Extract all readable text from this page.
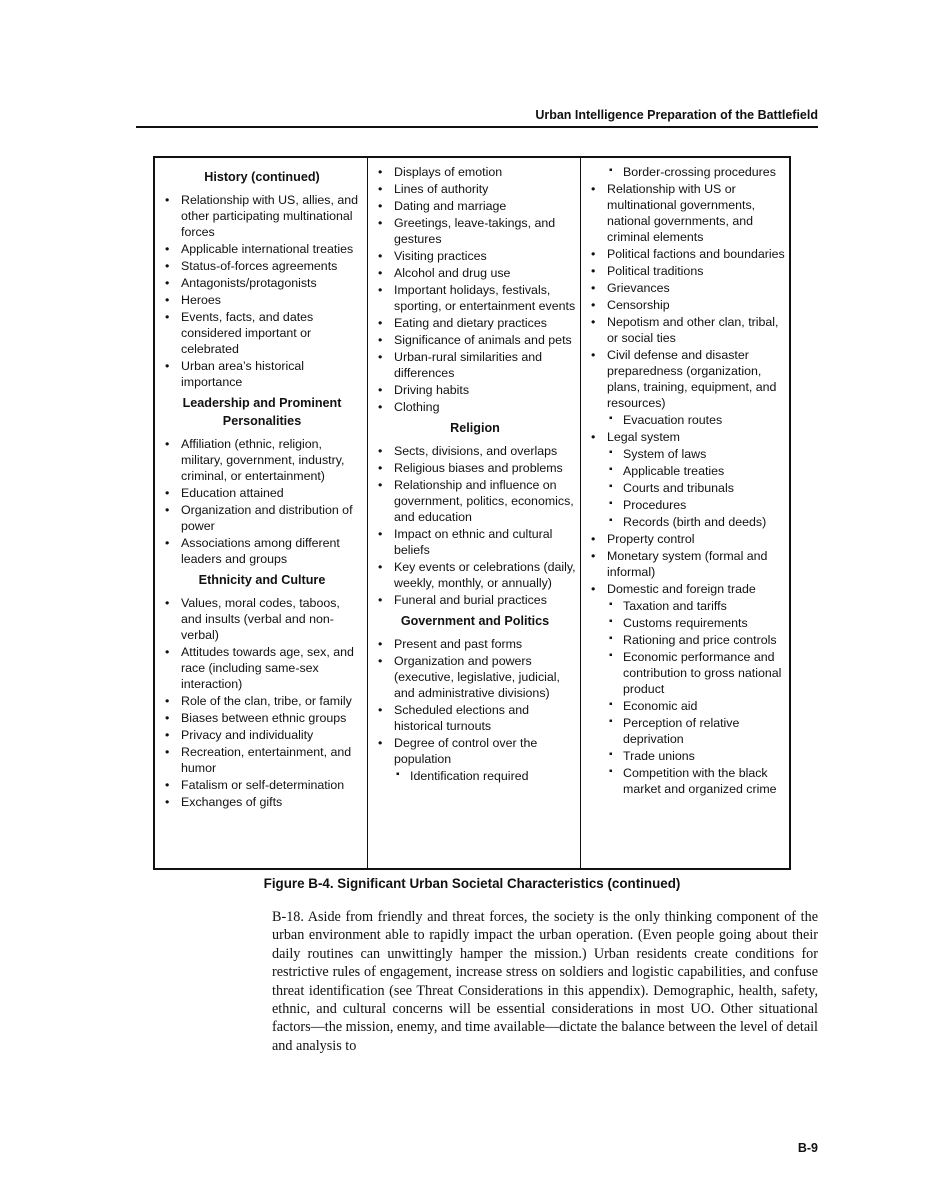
Urban Intelligence Preparation of the Battlefield
History (continued)
• Relationship with US, allies, and other participating multinational forces
• Applicable international treaties
• Status-of-forces agreements
• Antagonists/protagonists
• Heroes
• Events, facts, and dates considered important or celebrated
• Urban area’s historical importance
Leadership and Prominent Personalities
• Affiliation (ethnic, religion, military, government, industry, criminal, or entertainment)
• Education attained
• Organization and distribution of power
• Associations among different leaders and groups
Ethnicity and Culture
• Values, moral codes, taboos, and insults (verbal and non-verbal)
• Attitudes towards age, sex, and race (including same-sex interaction)
• Role of the clan, tribe, or family
• Biases between ethnic groups
• Privacy and individuality
• Recreation, entertainment, and humor
• Fatalism or self-determination
• Exchanges of gifts
• Displays of emotion
• Lines of authority
• Dating and marriage
• Greetings, leave-takings, and gestures
• Visiting practices
• Alcohol and drug use
• Important holidays, festivals, sporting, or entertainment events
• Eating and dietary practices
• Significance of animals and pets
• Urban-rural similarities and differences
• Driving habits
• Clothing
Religion
• Sects, divisions, and overlaps
• Religious biases and problems
• Relationship and influence on government, politics, economics, and education
• Impact on ethnic and cultural beliefs
• Key events or celebrations (daily, weekly, monthly, or annually)
• Funeral and burial practices
Government and Politics
• Present and past forms
• Organization and powers (executive, legislative, judicial, and administrative divisions)
• Scheduled elections and historical turnouts
• Degree of control over the population
▪ Identification required
▪ Border-crossing procedures
• Relationship with US or multinational governments, national governments, and criminal elements
• Political factions and boundaries
• Political traditions
• Grievances
• Censorship
• Nepotism and other clan, tribal, or social ties
• Civil defense and disaster preparedness (organization, plans, training, equipment, and resources)
▪ Evacuation routes
• Legal system
▪ System of laws
▪ Applicable treaties
▪ Courts and tribunals
▪ Procedures
▪ Records (birth and deeds)
• Property control
• Monetary system (formal and informal)
• Domestic and foreign trade
▪ Taxation and tariffs
▪ Customs requirements
▪ Rationing and price controls
▪ Economic performance and contribution to gross national product
▪ Economic aid
▪ Perception of relative deprivation
▪ Trade unions
▪ Competition with the black market and organized crime
Figure B-4. Significant Urban Societal Characteristics (continued)
B-18. Aside from friendly and threat forces, the society is the only thinking component of the urban environment able to rapidly impact the urban operation. (Even people going about their daily routines can unwittingly hamper the mission.) Urban residents create conditions for restrictive rules of engagement, increase stress on soldiers and logistic capabilities, and confuse threat identification (see Threat Considerations in this appendix). Demographic, health, safety, ethnic, and cultural concerns will be essential considerations in most UO. Other situational factors—the mission, enemy, and time available—dictate the balance between the level of detail and analysis to
B-9
